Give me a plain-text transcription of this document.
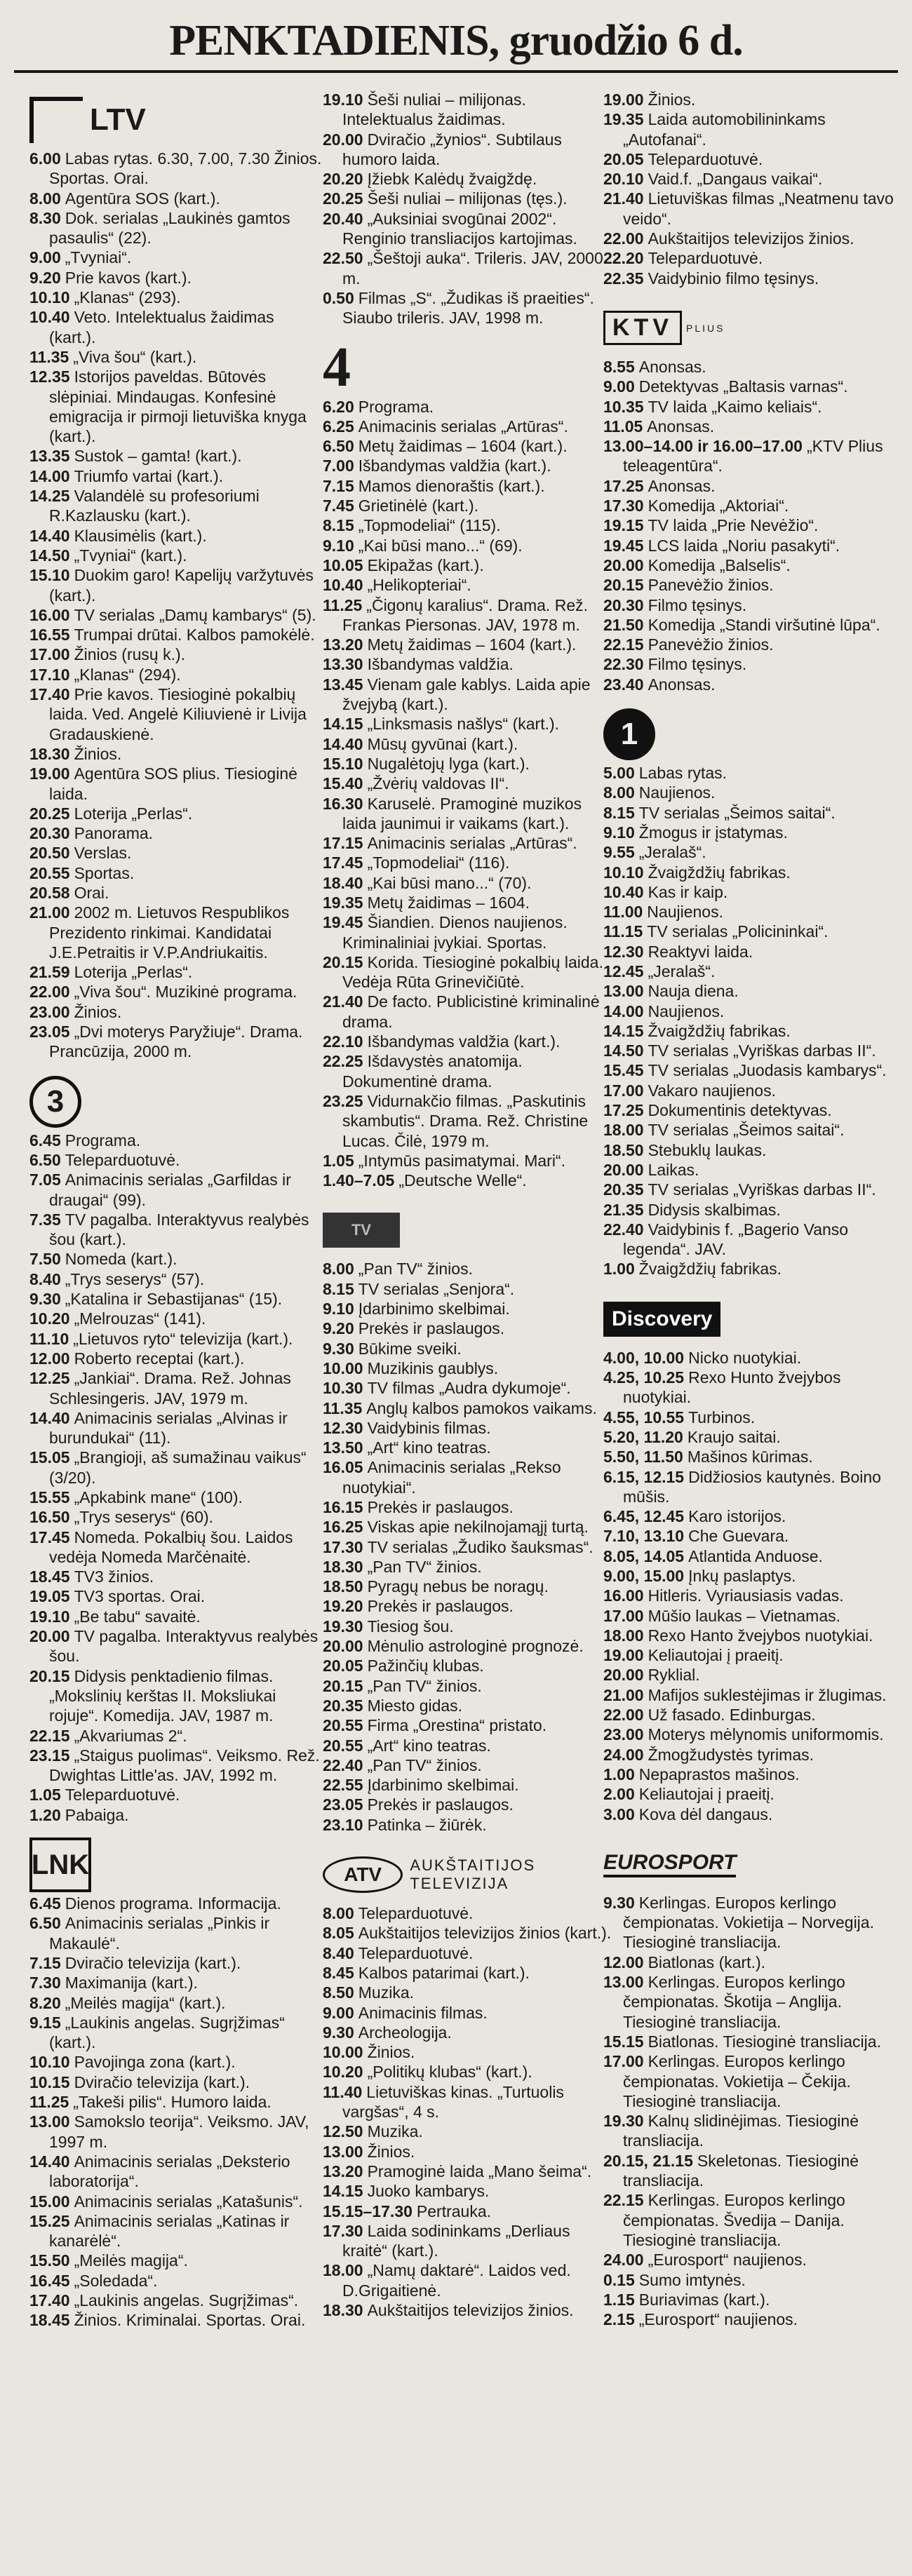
PENKTADIENIS, gruodžio 6 d.
LTV

6.00 Labas rytas. 6.30, 7.00, 7.30 Žinios. Sportas. Orai.

8.00 Agentūra SOS (kart.).

8.30 Dok. serialas „Laukinės gamtos pasaulis“ (22).

9.00 „Tvyniai“.

9.20 Prie kavos (kart.).

10.10 „Klanas“ (293).

10.40 Veto. Intelektualus žaidimas (kart.).

11.35 „Viva šou“ (kart.).

12.35 Istorijos paveldas. Būtovės slėpiniai. Mindaugas. Konfesinė emigracija ir pirmoji lietuviška knyga (kart.).

13.35 Sustok – gamta! (kart.).

14.00 Triumfo vartai (kart.).

14.25 Valandėlė su profesoriumi R.Kazlausku (kart.).

14.40 Klausimėlis (kart.).

14.50 „Tvyniai“ (kart.).

15.10 Duokim garo! Kapelijų varžytuvės (kart.).

16.00 TV serialas „Damų kambarys“ (5).

16.55 Trumpai drūtai. Kalbos pamokėlė.

17.00 Žinios (rusų k.).

17.10 „Klanas“ (294).

17.40 Prie kavos. Tiesioginė pokalbių laida. Ved. Angelė Kiliuvienė ir Livija Gradauskienė.

18.30 Žinios.

19.00 Agentūra SOS plius. Tiesioginė laida.

20.25 Loterija „Perlas“.

20.30 Panorama.

20.50 Verslas.

20.55 Sportas.

20.58 Orai.

21.00 2002 m. Lietuvos Respublikos Prezidento rinkimai. Kandidatai J.E.Petraitis ir V.P.Andriukaitis.

21.59 Loterija „Perlas“.

22.00 „Viva šou“. Muzikinė programa.

23.00 Žinios.

23.05 „Dvi moterys Paryžiuje“. Drama. Prancūzija, 2000 m.

3

6.45 Programa.

6.50 Teleparduotuvė.

7.05 Animacinis serialas „Garfildas ir draugai“ (99).

7.35 TV pagalba. Interaktyvus realybės šou (kart.).

7.50 Nomeda (kart.).

8.40 „Trys seserys“ (57).

9.30 „Katalina ir Sebastijanas“ (15).

10.20 „Melrouzas“ (141).

11.10 „Lietuvos ryto“ televizija (kart.).

12.00 Roberto receptai (kart.).

12.25 „Jankiai“. Drama. Rež. Johnas Schlesingeris. JAV, 1979 m.

14.40 Animacinis serialas „Alvinas ir burundukai“ (11).

15.05 „Brangioji, aš sumažinau vaikus“ (3/20).

15.55 „Apkabink mane“ (100).

16.50 „Trys seserys“ (60).

17.45 Nomeda. Pokalbių šou. Laidos vedėja Nomeda Marčėnaitė.

18.45 TV3 žinios.

19.05 TV3 sportas. Orai.

19.10 „Be tabu“ savaitė.

20.00 TV pagalba. Interaktyvus realybės šou.

20.15 Didysis penktadienio filmas. „Mokslinių kerštas II. Moksliukai rojuje“. Komedija. JAV, 1987 m.

22.15 „Akvariumas 2“.

23.15 „Staigus puolimas“. Veiksmo. Rež. Dwightas Little'as. JAV, 1992 m.

1.05 Teleparduotuvė.

1.20 Pabaiga.

LNK

6.45 Dienos programa. Informacija.

6.50 Animacinis serialas „Pinkis ir Makaulė“.

7.15 Dviračio televizija (kart.).

7.30 Maximanija (kart.).

8.20 „Meilės magija“ (kart.).

9.15 „Laukinis angelas. Sugrįžimas“ (kart.).

10.10 Pavojinga zona (kart.).

10.15 Dviračio televizija (kart.).

11.25 „Takeši pilis“. Humoro laida.

13.00 Samokslo teorija“. Veiksmo. JAV, 1997 m.

14.40 Animacinis serialas „Deksterio laboratorija“.

15.00 Animacinis serialas „Katašunis“.

15.25 Animacinis serialas „Katinas ir kanarėlė“.

15.50 „Meilės magija“.

16.45 „Soledada“.

17.40 „Laukinis angelas. Sugrįžimas“.

18.45 Žinios. Kriminalai. Sportas. Orai.

19.10 Šeši nuliai – milijonas. Intelektualus žaidimas.

20.00 Dviračio „žynios“. Subtilaus humoro laida.

20.20 Įžiebk Kalėdų žvaigždę.

20.25 Šeši nuliai – milijonas (tęs.).

20.40 „Auksiniai svogūnai 2002“. Renginio transliacijos kartojimas.

22.50 „Šeštoji auka“. Trileris. JAV, 2000 m.

0.50 Filmas „S“. „Žudikas iš praeities“. Siaubo trileris. JAV, 1998 m.

4

6.20 Programa.

6.25 Animacinis serialas „Artūras“.

6.50 Metų žaidimas – 1604 (kart.).

7.00 Išbandymas valdžia (kart.).

7.15 Mamos dienoraštis (kart.).

7.45 Grietinėlė (kart.).

8.15 „Topmodeliai“ (115).

9.10 „Kai būsi mano...“ (69).

10.05 Ekipažas (kart.).

10.40 „Helikopteriai“.

11.25 „Čigonų karalius“. Drama. Rež. Frankas Piersonas. JAV, 1978 m.

13.20 Metų žaidimas – 1604 (kart.).

13.30 Išbandymas valdžia.

13.45 Vienam gale kablys. Laida apie žvejybą (kart.).

14.15 „Linksmasis našlys“ (kart.).

14.40 Mūsų gyvūnai (kart.).

15.10 Nugalėtojų lyga (kart.).

15.40 „Žvėrių valdovas II“.

16.30 Karuselė. Pramoginė muzikos laida jaunimui ir vaikams (kart.).

17.15 Animacinis serialas „Artūras“.

17.45 „Topmodeliai“ (116).

18.40 „Kai būsi mano...“ (70).

19.35 Metų žaidimas – 1604.

19.45 Šiandien. Dienos naujienos. Kriminaliniai įvykiai. Sportas.

20.15 Korida. Tiesioginė pokalbių laida. Vedėja Rūta Grinevičiūtė.

21.40 De facto. Publicistinė kriminalinė drama.

22.10 Išbandymas valdžia (kart.).

22.25 Išdavystės anatomija. Dokumentinė drama.

23.25 Vidurnakčio filmas. „Paskutinis skambutis“. Drama. Rež. Christine Lucas. Čilė, 1979 m.

1.05 „Intymūs pasimatymai. Mari“.

1.40–7.05 „Deutsche Welle“.

TV

8.00 „Pan TV“ žinios.

8.15 TV serialas „Senjora“.

9.10 Įdarbinimo skelbimai.

9.20 Prekės ir paslaugos.

9.30 Būkime sveiki.

10.00 Muzikinis gaublys.

10.30 TV filmas „Audra dykumoje“.

11.35 Anglų kalbos pamokos vaikams.

12.30 Vaidybinis filmas.

13.50 „Art“ kino teatras.

16.05 Animacinis serialas „Rekso nuotykiai“.

16.15 Prekės ir paslaugos.

16.25 Viskas apie nekilnojamąjį turtą.

17.30 TV serialas „Žudiko šauksmas“.

18.30 „Pan TV“ žinios.

18.50 Pyragų nebus be noragų.

19.20 Prekės ir paslaugos.

19.30 Tiesiog šou.

20.00 Mėnulio astrologinė prognozė.

20.05 Pažinčių klubas.

20.15 „Pan TV“ žinios.

20.35 Miesto gidas.

20.55 Firma „Orestina“ pristato.

20.55 „Art“ kino teatras.

22.40 „Pan TV“ žinios.

22.55 Įdarbinimo skelbimai.

23.05 Prekės ir paslaugos.

23.10 Patinka – žiūrėk.

ATV	AUKŠTAITIJOS TELEVIZIJA

8.00 Teleparduotuvė.

8.05 Aukštaitijos televizijos žinios (kart.).

8.40 Teleparduotuvė.

8.45 Kalbos patarimai (kart.).

8.50 Muzika.

9.00 Animacinis filmas.

9.30 Archeologija.

10.00 Žinios.

10.20 „Politikų klubas“ (kart.).

11.40 Lietuviškas kinas. „Turtuolis vargšas“, 4 s.

12.50 Muzika.

13.00 Žinios.

13.20 Pramoginė laida „Mano šeima“.

14.15 Juoko kambarys.

15.15–17.30 Pertrauka.

17.30 Laida sodininkams „Derliaus kraitė“ (kart.).

18.00 „Namų daktarė“. Laidos ved. D.Grigaitienė.

18.30 Aukštaitijos televizijos žinios.

19.00 Žinios.

19.35 Laida automobilininkams „Autofanai“.

20.05 Teleparduotuvė.

20.10 Vaid.f. „Dangaus vaikai“.

21.40 Lietuviškas filmas „Neatmenu tavo veido“.

22.00 Aukštaitijos televizijos žinios.

22.20 Teleparduotuvė.

22.35 Vaidybinio filmo tęsinys.

KTV	PLIUS

8.55 Anonsas.

9.00 Detektyvas „Baltasis varnas“.

10.35 TV laida „Kaimo keliais“.

11.05 Anonsas.

13.00–14.00 ir 16.00–17.00 „KTV Plius teleagentūra“.

17.25 Anonsas.

17.30 Komedija „Aktoriai“.

19.15 TV laida „Prie Nevėžio“.

19.45 LCS laida „Noriu pasakyti“.

20.00 Komedija „Balselis“.

20.15 Panevėžio žinios.

20.30 Filmo tęsinys.

21.50 Komedija „Standi viršutinė lūpa“.

22.15 Panevėžio žinios.

22.30 Filmo tęsinys.

23.40 Anonsas.

1

5.00 Labas rytas.

8.00 Naujienos.

8.15 TV serialas „Šeimos saitai“.

9.10 Žmogus ir įstatymas.

9.55 „Jeralaš“.

10.10 Žvaigždžių fabrikas.

10.40 Kas ir kaip.

11.00 Naujienos.

11.15 TV serialas „Policininkai“.

12.30 Reaktyvi laida.

12.45 „Jeralaš“.

13.00 Nauja diena.

14.00 Naujienos.

14.15 Žvaigždžių fabrikas.

14.50 TV serialas „Vyriškas darbas II“.

15.45 TV serialas „Juodasis kambarys“.

17.00 Vakaro naujienos.

17.25 Dokumentinis detektyvas.

18.00 TV serialas „Šeimos saitai“.

18.50 Stebuklų laukas.

20.00 Laikas.

20.35 TV serialas „Vyriškas darbas II“.

21.35 Didysis skalbimas.

22.40 Vaidybinis f. „Bagerio Vanso legenda“. JAV.

1.00 Žvaigždžių fabrikas.

Discovery

4.00, 10.00 Nicko nuotykiai.

4.25, 10.25 Rexo Hunto žvejybos nuotykiai.

4.55, 10.55 Turbinos.

5.20, 11.20 Kraujo saitai.

5.50, 11.50 Mašinos kūrimas.

6.15, 12.15 Didžiosios kautynės. Boino mūšis.

6.45, 12.45 Karo istorijos.

7.10, 13.10 Che Guevara.

8.05, 14.05 Atlantida Anduose.

9.00, 15.00 Įnkų paslaptys.

16.00 Hitleris. Vyriausiasis vadas.

17.00 Mūšio laukas – Vietnamas.

18.00 Rexo Hanto žvejybos nuotykiai.

19.00 Keliautojai į praeitį.

20.00 Ryklial.

21.00 Mafijos suklestėjimas ir žlugimas.

22.00 Už fasado. Edinburgas.

23.00 Moterys mėlynomis uniformomis.

24.00 Žmogžudystės tyrimas.

1.00 Nepaprastos mašinos.

2.00 Keliautojai į praeitį.

3.00 Kova dėl dangaus.

EUROSPORT

9.30 Kerlingas. Europos kerlingo čempionatas. Vokietija – Norvegija. Tiesioginė transliacija.

12.00 Biatlonas (kart.).

13.00 Kerlingas. Europos kerlingo čempionatas. Škotija – Anglija. Tiesioginė transliacija.

15.15 Biatlonas. Tiesioginė transliacija.

17.00 Kerlingas. Europos kerlingo čempionatas. Vokietija – Čekija. Tiesioginė transliacija.

19.30 Kalnų slidinėjimas. Tiesioginė transliacija.

20.15, 21.15 Skeletonas. Tiesioginė transliacija.

22.15 Kerlingas. Europos kerlingo čempionatas. Švedija – Danija. Tiesioginė transliacija.

24.00 „Eurosport“ naujienos.

0.15 Sumo imtynės.

1.15 Buriavimas (kart.).

2.15 „Eurosport“ naujienos.
